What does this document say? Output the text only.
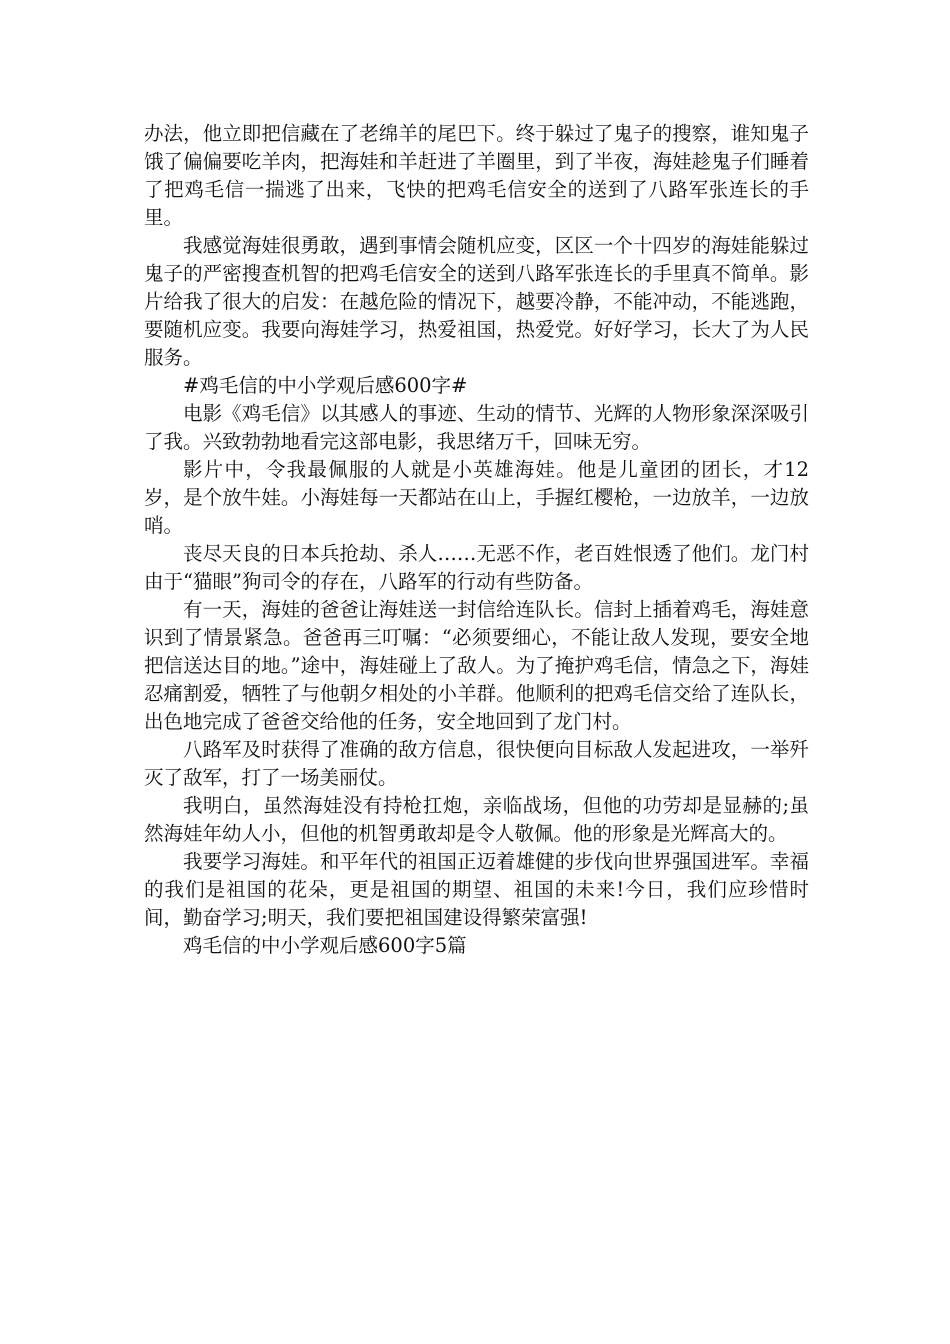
办法，他立即把信藏在了老绵羊的尾巴下。终于躲过了鬼子的搜察，谁知鬼子饿了偏偏要吃羊肉，把海娃和羊赶进了羊圈里，到了半夜，海娃趁鬼子们睡着了把鸡毛信一揣逃了出来，飞快的把鸡毛信安全的送到了八路军张连长的手里。

我感觉海娃很勇敢，遇到事情会随机应变，区区一个十四岁的海娃能躲过鬼子的严密搜查机智的把鸡毛信安全的送到八路军张连长的手里真不简单。影片给我了很大的启发：在越危险的情况下，越要冷静，不能冲动，不能逃跑，要随机应变。我要向海娃学习，热爱祖国，热爱党。好好学习，长大了为人民服务。

#鸡毛信的中小学观后感600字#

电影《鸡毛信》以其感人的事迹、生动的情节、光辉的人物形象深深吸引了我。兴致勃勃地看完这部电影，我思绪万千，回味无穷。

影片中，令我最佩服的人就是小英雄海娃。他是儿童团的团长，才12岁，是个放牛娃。小海娃每一天都站在山上，手握红樱枪，一边放羊，一边放哨。

丧尽天良的日本兵抢劫、杀人……无恶不作，老百姓恨透了他们。龙门村由于“猫眼”狗司令的存在，八路军的行动有些防备。

有一天，海娃的爸爸让海娃送一封信给连队长。信封上插着鸡毛，海娃意识到了情景紧急。爸爸再三叮嘱：“必须要细心，不能让敌人发现，要安全地把信送达目的地。”途中，海娃碰上了敌人。为了掩护鸡毛信，情急之下，海娃忍痛割爱，牺牲了与他朝夕相处的小羊群。他顺利的把鸡毛信交给了连队长，出色地完成了爸爸交给他的任务，安全地回到了龙门村。

八路军及时获得了准确的敌方信息，很快便向目标敌人发起进攻，一举歼灭了敌军，打了一场美丽仗。

我明白，虽然海娃没有持枪扛炮，亲临战场，但他的功劳却是显赫的;虽然海娃年幼人小，但他的机智勇敢却是令人敬佩。他的形象是光辉高大的。

我要学习海娃。和平年代的祖国正迈着雄健的步伐向世界强国进军。幸福的我们是祖国的花朵，更是祖国的期望、祖国的未来!今日，我们应珍惜时间，勤奋学习;明天，我们要把祖国建设得繁荣富强!

鸡毛信的中小学观后感600字5篇
